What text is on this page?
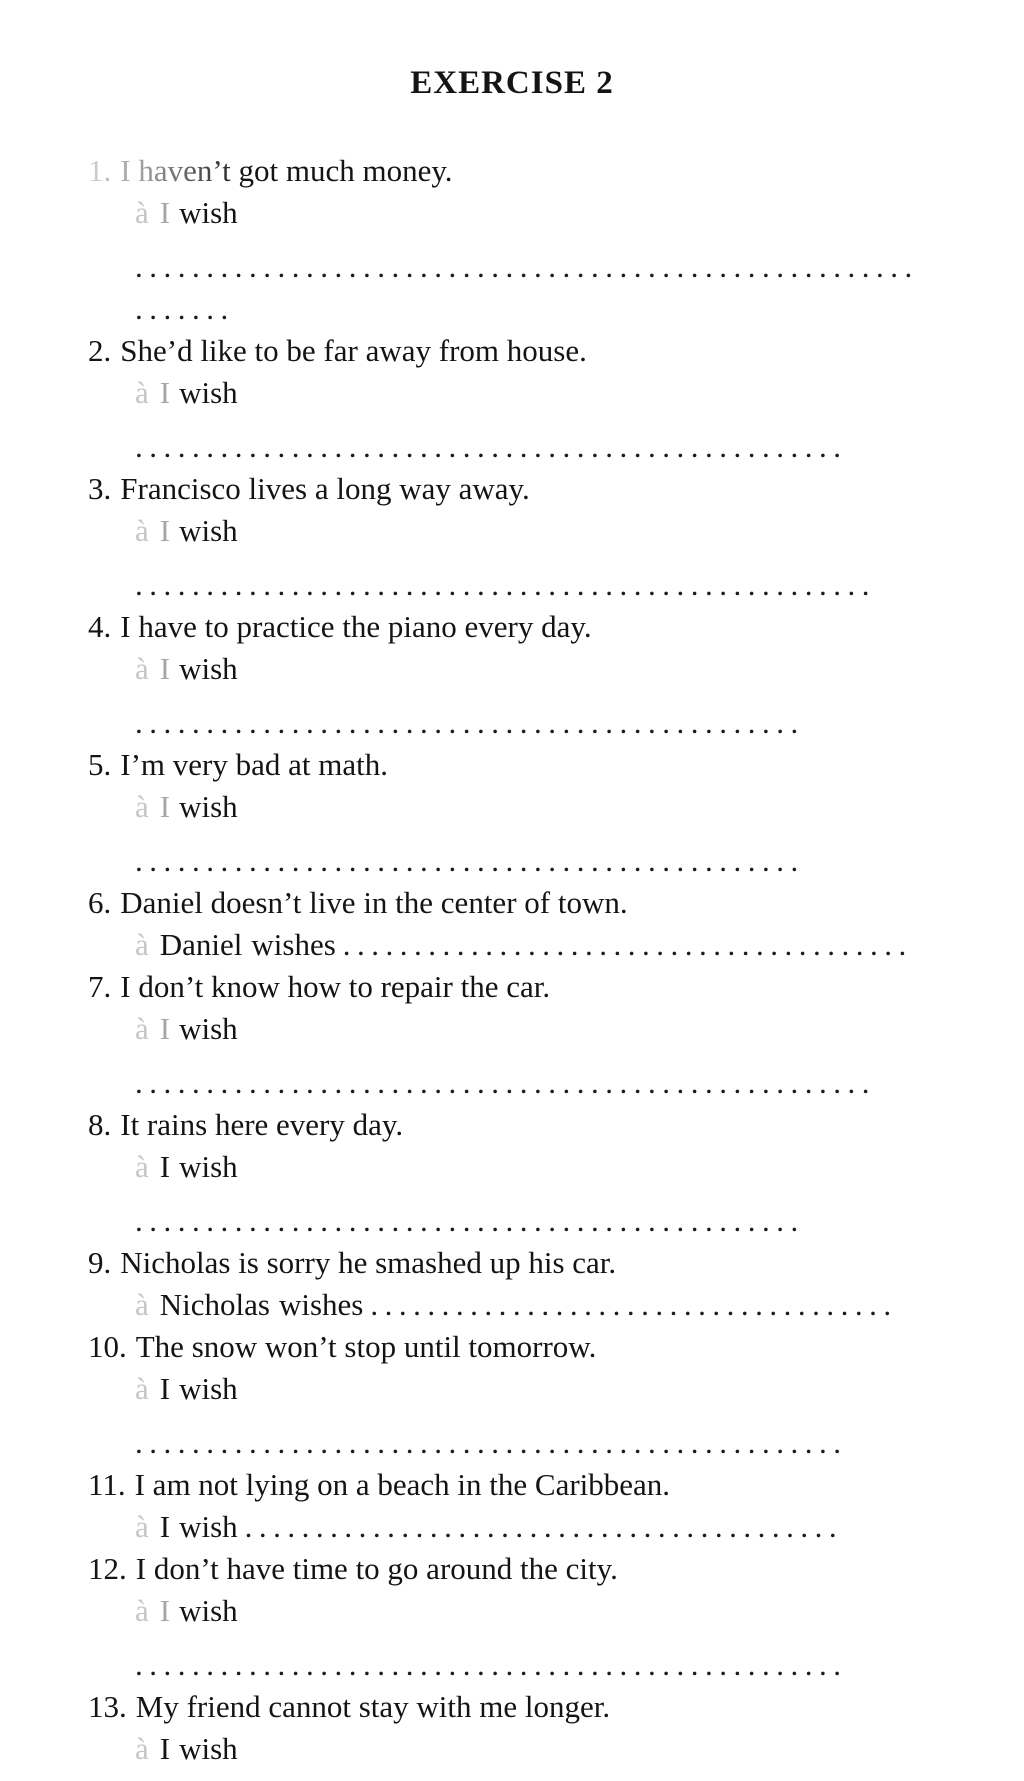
EXERCISE 2
1. I haven’t got much money.
à I wish
.......................................................
.......
2. She’d like to be far away from house.
à I wish
..................................................
3. Francisco lives a long way away.
à I wish
....................................................
4. I have to practice the piano every day.
à I wish
...............................................
5. I’m very bad at math.
à I wish
...............................................
6. Daniel doesn’t live in the center of town.
à Daniel wishes ........................................
7. I don’t know how to repair the car.
à I wish
....................................................
8. It rains here every day.
à I wish
...............................................
9. Nicholas is sorry he smashed up his car.
à Nicholas wishes .....................................
10. The snow won’t stop until tomorrow.
à I wish
..................................................
11. I am not lying on a beach in the Caribbean.
à I wish ..........................................
12. I don’t have time to go around the city.
à I wish
..................................................
13. My friend cannot stay with me longer.
à I wish
